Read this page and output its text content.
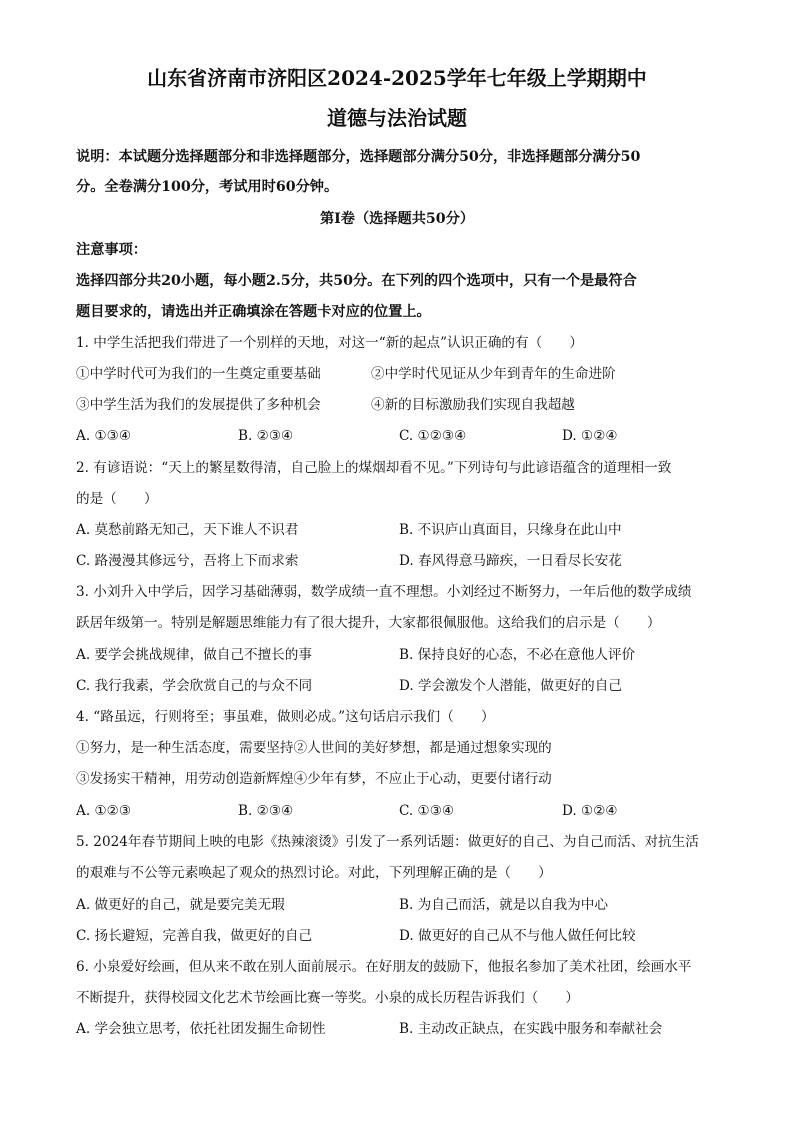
山东省济南市济阳区2024-2025学年七年级上学期期中
道德与法治试题
说明：本试题分选择题部分和非选择题部分，选择题部分满分50分，非选择题部分满分50
分。全卷满分100分，考试用时60分钟。
第Ⅰ卷（选择题共50分）
注意事项：
选择四部分共20小题，每小题2.5分，共50分。在下列的四个选项中，只有一个是最符合
题目要求的，请选出并正确填涂在答题卡对应的位置上。
1. 中学生活把我们带进了一个别样的天地，对这一“新的起点”认识正确的有（　　）
①中学时代可为我们的一生奠定重要基础	②中学时代见证从少年到青年的生命进阶
③中学生活为我们的发展提供了多种机会	④新的目标激励我们实现自我超越
A. ①③④	B. ②③④	C. ①②③④	D. ①②④
2. 有谚语说：“天上的繁星数得清，自己脸上的煤烟却看不见。”下列诗句与此谚语蕴含的道理相一致
的是（　　）
A. 莫愁前路无知己，天下谁人不识君	B. 不识庐山真面目，只缘身在此山中
C. 路漫漫其修远兮，吾将上下而求索	D. 春风得意马蹄疾，一日看尽长安花
3. 小刘升入中学后，因学习基础薄弱，数学成绩一直不理想。小刘经过不断努力，一年后他的数学成绩
跃居年级第一。特别是解题思维能力有了很大提升，大家都很佩服他。这给我们的启示是（　　）
A. 要学会挑战规律，做自己不擅长的事	B. 保持良好的心态，不必在意他人评价
C. 我行我素，学会欣赏自己的与众不同	D. 学会激发个人潜能，做更好的自己
4. “路虽远，行则将至；事虽难，做则必成。”这句话启示我们（　　）
①努力，是一种生活态度，需要坚持②人世间的美好梦想，都是通过想象实现的
③发扬实干精神，用劳动创造新辉煌④少年有梦，不应止于心动，更要付诸行动
A. ①②③	B. ②③④	C. ①③④	D. ①②④
5. 2024年春节期间上映的电影《热辣滚烫》引发了一系列话题：做更好的自己、为自己而活、对抗生活
的艰难与不公等元素唤起了观众的热烈讨论。对此，下列理解正确的是（　　）
A. 做更好的自己，就是要完美无瑕	B. 为自己而活，就是以自我为中心
C. 扬长避短，完善自我，做更好的自己	D. 做更好的自己从不与他人做任何比较
6. 小泉爱好绘画，但从来不敢在别人面前展示。在好朋友的鼓励下，他报名参加了美术社团，绘画水平
不断提升，获得校园文化艺术节绘画比赛一等奖。小泉的成长历程告诉我们（　　）
A. 学会独立思考，依托社团发掘生命韧性	B. 主动改正缺点，在实践中服务和奉献社会
